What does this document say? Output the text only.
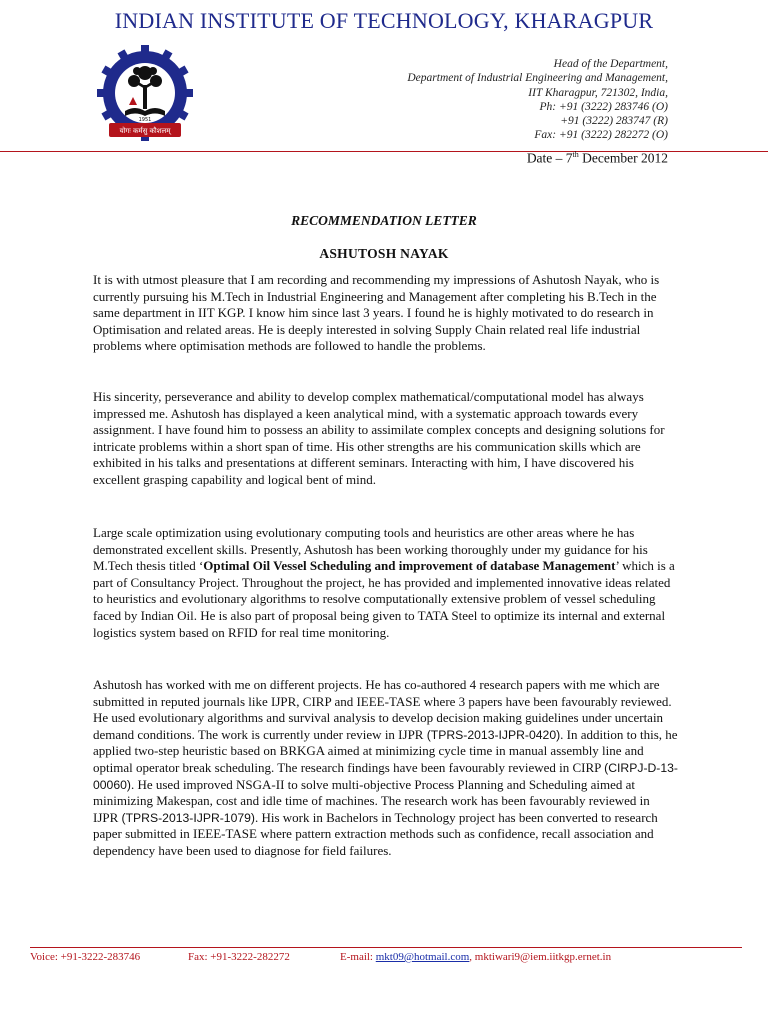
INDIAN INSTITUTE OF TECHNOLOGY, KHARAGPUR
योगः कर्मसु कौशलम्
1951
Head of the Department,
Department of Industrial Engineering and Management,
IIT Kharagpur, 721302, India,
Ph: +91 (3222) 283746 (O)
+91 (3222) 283747 (R)
Fax: +91 (3222) 282272 (O)
Date – 7th December 2012
RECOMMENDATION LETTER
ASHUTOSH NAYAK

It is with utmost pleasure that I am recording and recommending my impressions of Ashutosh Nayak, who is currently pursuing his M.Tech in Industrial Engineering and Management after completing his B.Tech in the same department in IIT KGP. I know him since last 3 years. I found he is highly motivated to do research in Optimisation and related areas. He is deeply interested in solving Supply Chain related real life industrial problems where optimisation methods are followed to handle the problems.

His sincerity, perseverance and ability to develop complex mathematical/computational model has always impressed me. Ashutosh has displayed a keen analytical mind, with a systematic approach towards every assignment. I have found him to possess an ability to assimilate complex concepts and designing solutions for intricate problems within a short span of time. His other strengths are his communication skills which are exhibited in his talks and presentations at different seminars. Interacting with him, I have discovered his excellent grasping capability and logical bent of mind.

Large scale optimization using evolutionary computing tools and heuristics are other areas where he has demonstrated excellent skills. Presently, Ashutosh has been working thoroughly under my guidance for his M.Tech thesis titled ‘Optimal Oil Vessel Scheduling and improvement of database Management’ which is a part of Consultancy Project. Throughout the project, he has provided and implemented innovative ideas related to heuristics and evolutionary algorithms to resolve computationally extensive problem of vessel scheduling faced by Indian Oil. He is also part of proposal being given to TATA Steel to optimize its internal and external logistics system based on RFID for real time monitoring.

Ashutosh has worked with me on different projects. He has co-authored 4 research papers with me which are submitted in reputed journals like IJPR, CIRP and IEEE-TASE where 3 papers have been favourably reviewed. He used evolutionary algorithms and survival analysis to develop decision making guidelines under uncertain demand conditions. The work is currently under review in IJPR (TPRS-2013-IJPR-0420). In addition to this, he applied two-step heuristic based on BRKGA aimed at minimizing cycle time in manual assembly line and optimal operator break scheduling. The research findings have been favourably reviewed in CIRP (CIRPJ-D-13-00060). He used improved NSGA-II to solve multi-objective Process Planning and Scheduling aimed at minimizing Makespan, cost and idle time of machines. The research work has been favourably reviewed in IJPR (TPRS-2013-IJPR-1079). His work in Bachelors in Technology project has been converted to research paper submitted in IEEE-TASE where pattern extraction methods such as confidence, recall association and dependency have been used to diagnose for field failures.

Voice: +91-3222-283746	Fax: +91-3222-282272	E-mail: mkt09@hotmail.com, mktiwari9@iem.iitkgp.ernet.in
